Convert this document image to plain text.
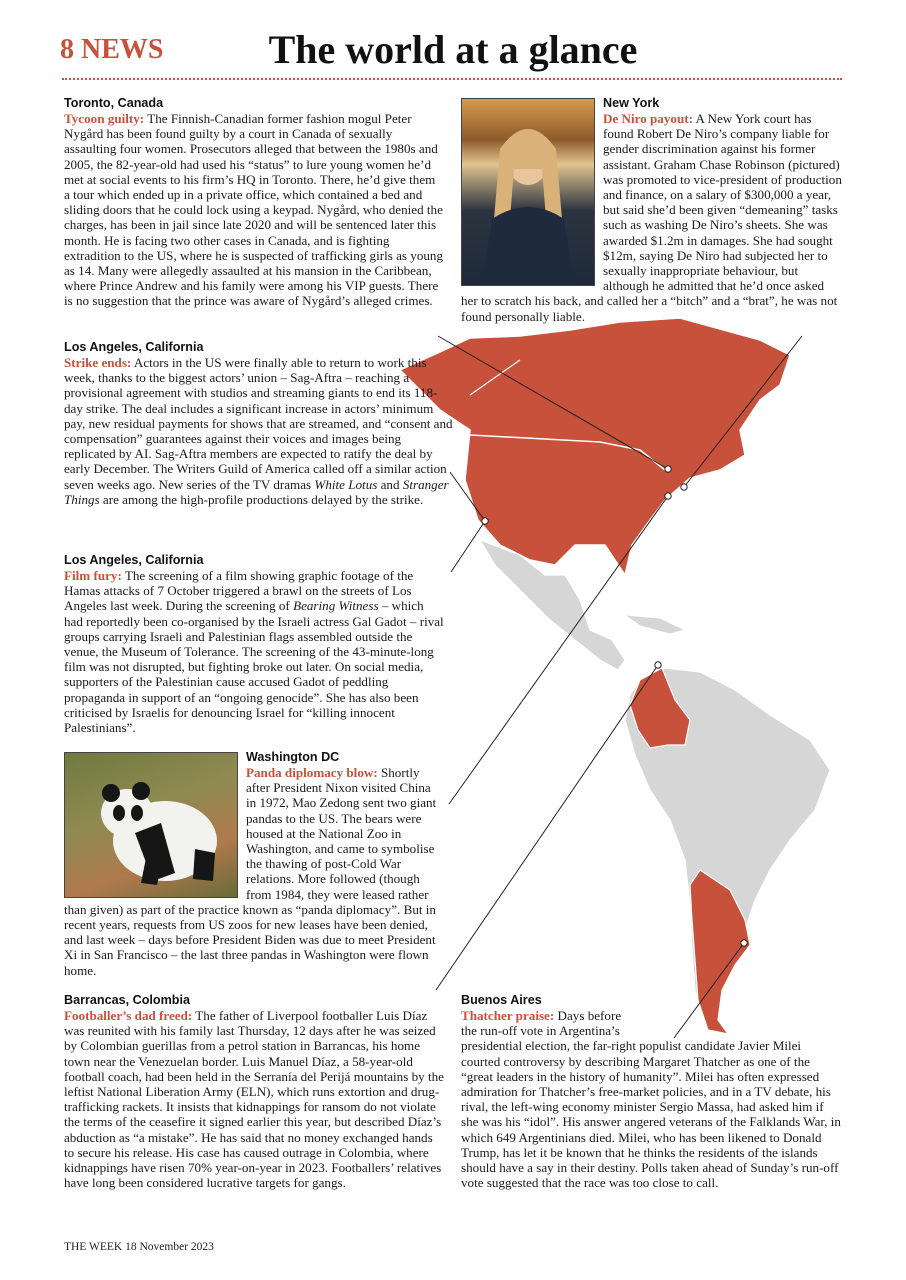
8 NEWS	The world at a glance
Toronto, Canada

Tycoon guilty: The Finnish-Canadian former fashion mogul Peter Nygård has been found guilty by a court in Canada of sexually assaulting four women. Prosecutors alleged that between the 1980s and 2005, the 82-year-old had used his “status” to lure young women he’d met at social events to his firm’s HQ in Toronto. There, he’d give them a tour which ended up in a private office, which contained a bed and sliding doors that he could lock using a keypad. Nygård, who denied the charges, has been in jail since late 2020 and will be sentenced later this month. He is facing two other cases in Canada, and is fighting extradition to the US, where he is suspected of trafficking girls as young as 14. Many were allegedly assaulted at his mansion in the Caribbean, where Prince Andrew and his family were among his VIP guests. There is no suggestion that the prince was aware of Nygård’s alleged crimes.

New York

De Niro payout: A New York court has found Robert De Niro’s company liable for gender discrimination against his former assistant. Graham Chase Robinson (pictured) was promoted to vice-president of production and finance, on a salary of $300,000 a year, but said she’d been given “demeaning” tasks such as washing De Niro’s sheets. She was awarded $1.2m in damages. She had sought $12m, saying De Niro had subjected her to sexually inappropriate behaviour, but although he admitted that he’d once asked her to scratch his back, and called her a “bitch” and a “brat”, he was not found personally liable.

Los Angeles, California

Strike ends: Actors in the US were finally able to return to work this week, thanks to the biggest actors’ union – Sag-Aftra – reaching a provisional agreement with studios and streaming giants to end its 118-day strike. The deal includes a significant increase in actors’ minimum pay, new residual payments for shows that are streamed, and “consent and compensation” guarantees against their voices and images being replicated by AI. Sag-Aftra members are expected to ratify the deal by early December. The Writers Guild of America called off a similar action seven weeks ago. New series of the TV dramas White Lotus and Stranger Things are among the high-profile productions delayed by the strike.

Los Angeles, California

Film fury: The screening of a film showing graphic footage of the Hamas attacks of 7 October triggered a brawl on the streets of Los Angeles last week. During the screening of Bearing Witness – which had reportedly been co-organised by the Israeli actress Gal Gadot – rival groups carrying Israeli and Palestinian flags assembled outside the venue, the Museum of Tolerance. The screening of the 43-minute-long film was not disrupted, but fighting broke out later. On social media, supporters of the Palestinian cause accused Gadot of peddling propaganda in support of an “ongoing genocide”. She has also been criticised by Israelis for denouncing Israel for “killing innocent Palestinians”.

Washington DC

Panda diplomacy blow: Shortly after President Nixon visited China in 1972, Mao Zedong sent two giant pandas to the US. The bears were housed at the National Zoo in Washington, and came to symbolise the thawing of post-Cold War relations. More followed (though from 1984, they were leased rather than given) as part of the practice known as “panda diplomacy”. But in recent years, requests from US zoos for new leases have been denied, and last week – days before President Biden was due to meet President Xi in San Francisco – the last three pandas in Washington were flown home.

Barrancas, Colombia

Footballer’s dad freed: The father of Liverpool footballer Luis Díaz was reunited with his family last Thursday, 12 days after he was seized by Colombian guerillas from a petrol station in Barrancas, his home town near the Venezuelan border. Luis Manuel Díaz, a 58-year-old football coach, had been held in the Serranía del Perijá mountains by the leftist National Liberation Army (ELN), which runs extortion and drug-trafficking rackets. It insists that kidnappings for ransom do not violate the terms of the ceasefire it signed earlier this year, but described Díaz’s abduction as “a mistake”. He has said that no money exchanged hands to secure his release. His case has caused outrage in Colombia, where kidnappings have risen 70% year-on-year in 2023. Footballers’ relatives have long been considered lucrative targets for gangs.

Buenos Aires

Thatcher praise: Days before the run-off vote in Argentina’s presidential election, the far-right populist candidate Javier Milei courted controversy by describing Margaret Thatcher as one of the “great leaders in the history of humanity”. Milei has often expressed admiration for Thatcher’s free-market policies, and in a TV debate, his rival, the left-wing economy minister Sergio Massa, had asked him if she was his “idol”. His answer angered veterans of the Falklands War, in which 649 Argentinians died. Milei, who has been likened to Donald Trump, has let it be known that he thinks the residents of the islands should have a say in their destiny. Polls taken ahead of Sunday’s run-off vote suggested that the race was too close to call.

THE WEEK 18 November 2023
